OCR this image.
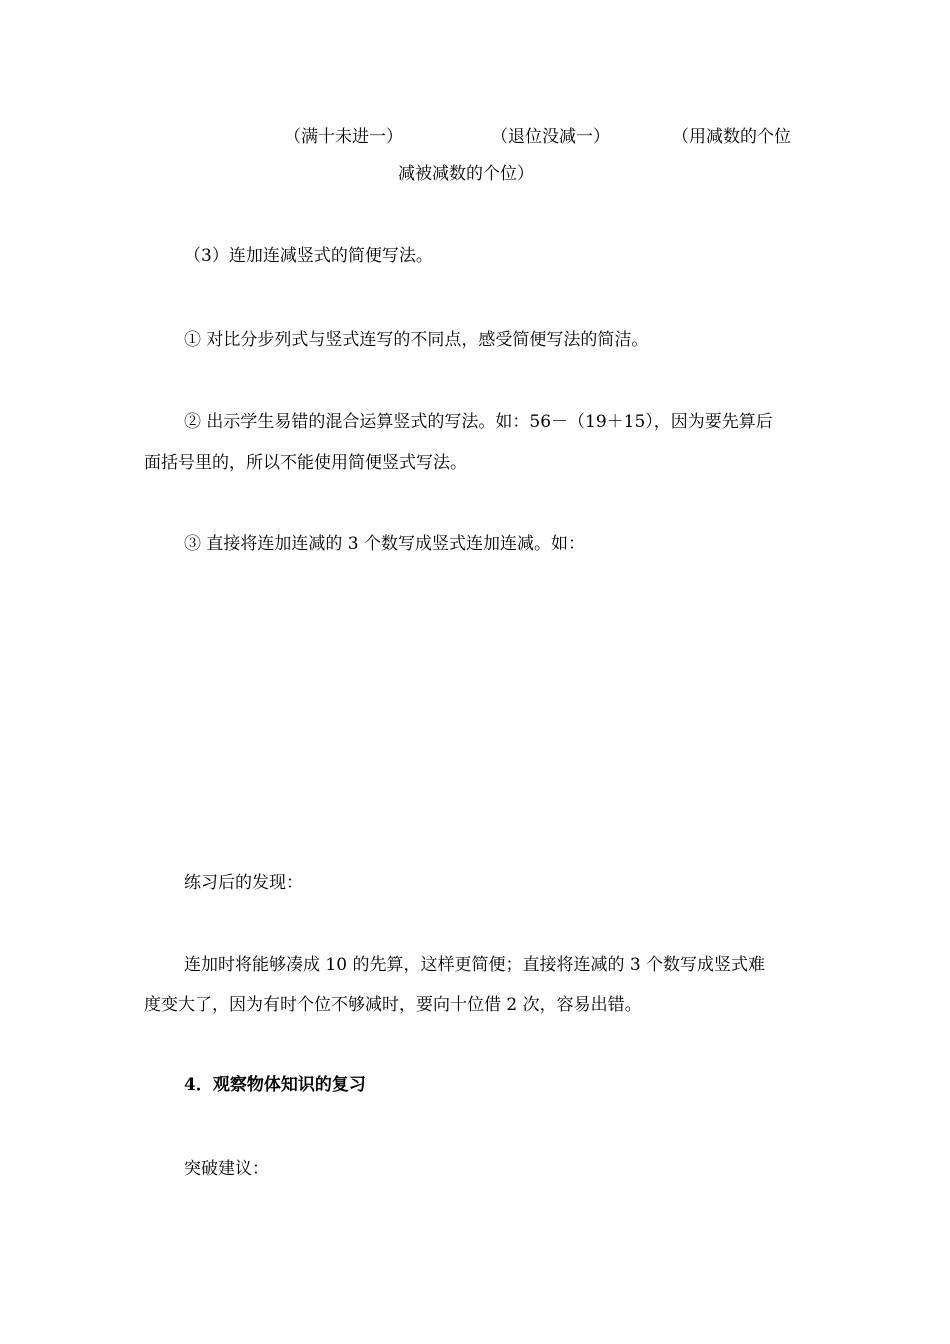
（满十未进一）	（退位没减一）	（用减数的个位
减被减数的个位）
（3）连加连减竖式的简便写法。
① 对比分步列式与竖式连写的不同点，感受简便写法的简洁。
② 出示学生易错的混合运算竖式的写法。如：56－（19＋15），因为要先算后
面括号里的，所以不能使用简便竖式写法。
③ 直接将连加连减的 3 个数写成竖式连加连减。如：
练习后的发现：
连加时将能够凑成 10 的先算，这样更简便；直接将连减的 3 个数写成竖式难
度变大了，因为有时个位不够减时，要向十位借 2 次，容易出错。
4．观察物体知识的复习
突破建议：
